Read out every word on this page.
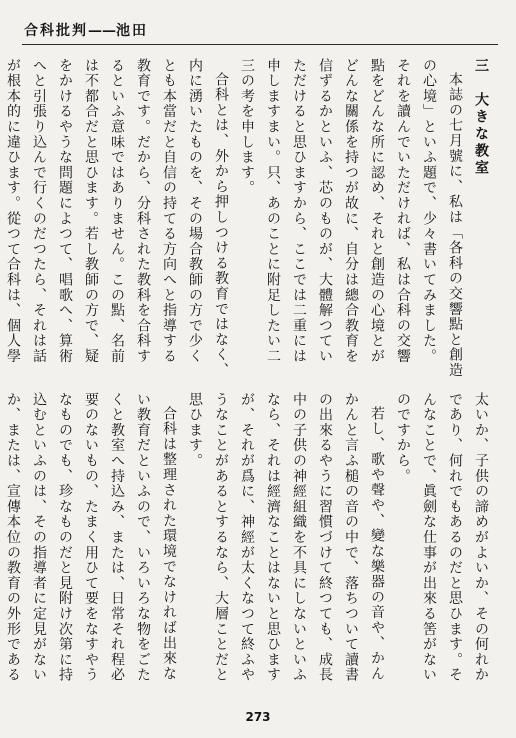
合科批判——池田

三　大きな教室

本誌の七月號に、私は「各科の交響點と創造の心境」といふ題で、少々書いてみました。それを讀んでいただければ、私は合科の交響點をどんな所に認め、それと創造の心境とがどんな關係を持つが故に、自分は總合教育を信ずるかといふ、芯のものが、大體解つていただけると思ひますから、ここでは二重には申しますまい。只、あのことに附足したい二三の考を申します。

合科とは、外から押しつける教育ではなく、内に湧いたものを、その場合教師の方で少くとも本當だと自信の持てる方向へと指導する教育です。だから、分科された教科を合科するといふ意味ではありません。この點、名前は不都合だと思ひます。若し教師の方で、疑をかけるやうな問題によつて、唱歌へ、算術へと引張り込んで行くのだつたら、それは話が根本的に違ひます。從つて合科は、個人學

太いか、子供の諦めがよいか、その何れかであり、何れでもあるのだと思ひます。そんなことで、眞劍な仕事が出來る筈がないのですから。

若し、歌や聲や、變な樂器の音や、かんかんと言ふ槌の音の中で、落ちついて讀書の出來るやうに習慣づけて終つても、成長中の子供の神經組織を不具にしないといふなら、それは經濟なことはないと思ひますが、それが爲に、神經が太くなつて終ふやうなことがあるとするなら、大層ことだと思ひます。

合科は整理された環境でなければ出來ない教育だといふので、いろいろな物をごたくと教室へ持込み、または、日常それ程必要のないもの、たまく用ひて要をなすやうなものでも、珍なものだと見附け次第に持込むといふのは、その指導者に定見がないか、または、宣傳本位の教育の外形である

273
